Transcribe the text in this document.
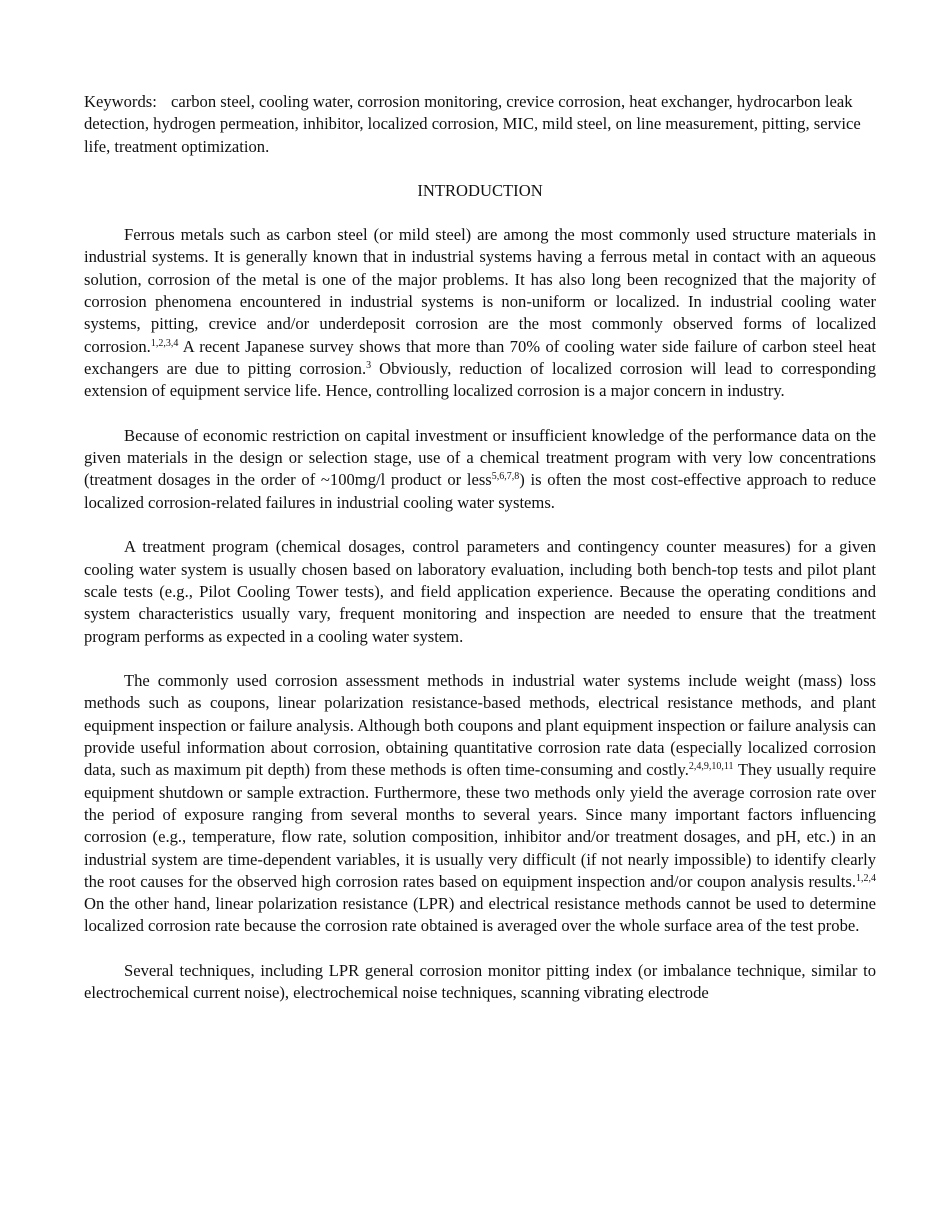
Keywords: carbon steel, cooling water, corrosion monitoring, crevice corrosion, heat exchanger, hydrocarbon leak detection, hydrogen permeation, inhibitor, localized corrosion, MIC, mild steel, on line measurement, pitting, service life, treatment optimization.
INTRODUCTION

Ferrous metals such as carbon steel (or mild steel) are among the most commonly used structure materials in industrial systems. It is generally known that in industrial systems having a ferrous metal in contact with an aqueous solution, corrosion of the metal is one of the major problems. It has also long been recognized that the majority of corrosion phenomena encountered in industrial systems is non-uniform or localized. In industrial cooling water systems, pitting, crevice and/or underdeposit corrosion are the most commonly observed forms of localized corrosion.$^{1,2,3,4}$ A recent Japanese survey shows that more than 70% of cooling water side failure of carbon steel heat exchangers are due to pitting corrosion.$^3$ Obviously, reduction of localized corrosion will lead to corresponding extension of equipment service life. Hence, controlling localized corrosion is a major concern in industry.

Because of economic restriction on capital investment or insufficient knowledge of the performance data on the given materials in the design or selection stage, use of a chemical treatment program with very low concentrations (treatment dosages in the order of ~100mg/l product or less$^{5,6,7,8}$) is often the most cost-effective approach to reduce localized corrosion-related failures in industrial cooling water systems.

A treatment program (chemical dosages, control parameters and contingency counter measures) for a given cooling water system is usually chosen based on laboratory evaluation, including both bench-top tests and pilot plant scale tests (e.g., Pilot Cooling Tower tests), and field application experience. Because the operating conditions and system characteristics usually vary, frequent monitoring and inspection are needed to ensure that the treatment program performs as expected in a cooling water system.

The commonly used corrosion assessment methods in industrial water systems include weight (mass) loss methods such as coupons, linear polarization resistance-based methods, electrical resistance methods, and plant equipment inspection or failure analysis. Although both coupons and plant equipment inspection or failure analysis can provide useful information about corrosion, obtaining quantitative corrosion rate data (especially localized corrosion data, such as maximum pit depth) from these methods is often time-consuming and costly.$^{2,4,9,10,11}$ They usually require equipment shutdown or sample extraction. Furthermore, these two methods only yield the average corrosion rate over the period of exposure ranging from several months to several years. Since many important factors influencing corrosion (e.g., temperature, flow rate, solution composition, inhibitor and/or treatment dosages, and pH, etc.) in an industrial system are time-dependent variables, it is usually very difficult (if not nearly impossible) to identify clearly the root causes for the observed high corrosion rates based on equipment inspection and/or coupon analysis results.$^{1,2,4}$ On the other hand, linear polarization resistance (LPR) and electrical resistance methods cannot be used to determine localized corrosion rate because the corrosion rate obtained is averaged over the whole surface area of the test probe.

Several techniques, including LPR general corrosion monitor pitting index (or imbalance technique, similar to electrochemical current noise), electrochemical noise techniques, scanning vibrating electrode
